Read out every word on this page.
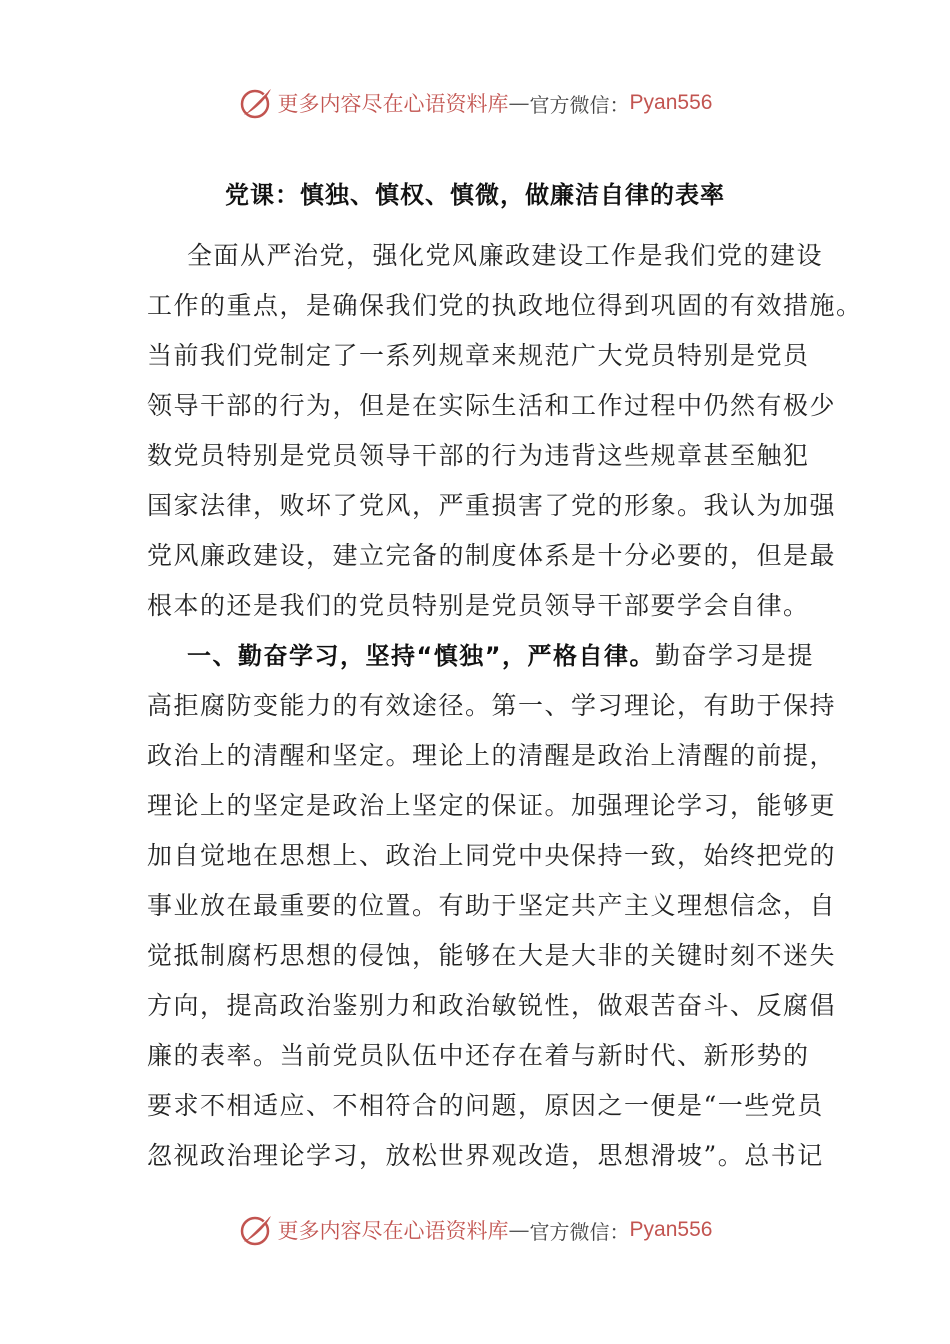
更多内容尽在心语资料库 — 官方微信： Pyan556
党课：慎独、慎权、慎微，做廉洁自律的表率
全面从严治党，强化党风廉政建设工作是我们党的建设
工作的重点，是确保我们党的执政地位得到巩固的有效措施。
当前我们党制定了一系列规章来规范广大党员特别是党员
领导干部的行为，但是在实际生活和工作过程中仍然有极少
数党员特别是党员领导干部的行为违背这些规章甚至触犯
国家法律，败坏了党风，严重损害了党的形象。我认为加强
党风廉政建设，建立完备的制度体系是十分必要的，但是最
根本的还是我们的党员特别是党员领导干部要学会自律。
一、勤奋学习，坚持“慎独”，严格自律。勤奋学习是提
高拒腐防变能力的有效途径。第一、学习理论，有助于保持
政治上的清醒和坚定。理论上的清醒是政治上清醒的前提，
理论上的坚定是政治上坚定的保证。加强理论学习，能够更
加自觉地在思想上、政治上同党中央保持一致，始终把党的
事业放在最重要的位置。有助于坚定共产主义理想信念，自
觉抵制腐朽思想的侵蚀，能够在大是大非的关键时刻不迷失
方向，提高政治鉴别力和政治敏锐性，做艰苦奋斗、反腐倡
廉的表率。当前党员队伍中还存在着与新时代、新形势的
要求不相适应、不相符合的问题，原因之一便是“一些党员
忽视政治理论学习，放松世界观改造，思想滑坡”。总书记
更多内容尽在心语资料库 — 官方微信： Pyan556
